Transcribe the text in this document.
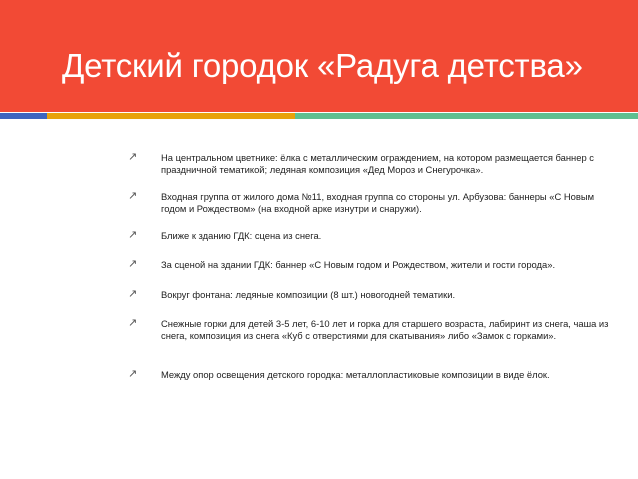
Детский городок «Радуга детства»
↗	На центральном цветнике: ёлка с металлическим ограждением, на котором размещается баннер с праздничной тематикой; ледяная композиция «Дед Мороз и Снегурочка».
↗	Входная группа от жилого дома №11, входная группа со стороны ул. Арбузова: баннеры «С Новым годом и Рождеством» (на входной арке изнутри и снаружи).
↗	Ближе к зданию ГДК: сцена из снега.
↗	За сценой на здании ГДК: баннер «С Новым годом и Рождеством, жители и гости города».
↗	Вокруг фонтана: ледяные композиции (8 шт.) новогодней тематики.
↗	Снежные горки для детей 3-5 лет, 6-10 лет и горка для старшего возраста, лабиринт из снега, чаша из снега, композиция из снега «Куб с отверстиями для скатывания» либо «Замок с горками».
↗	Между опор освещения детского городка: металлопластиковые композиции в виде ёлок.
